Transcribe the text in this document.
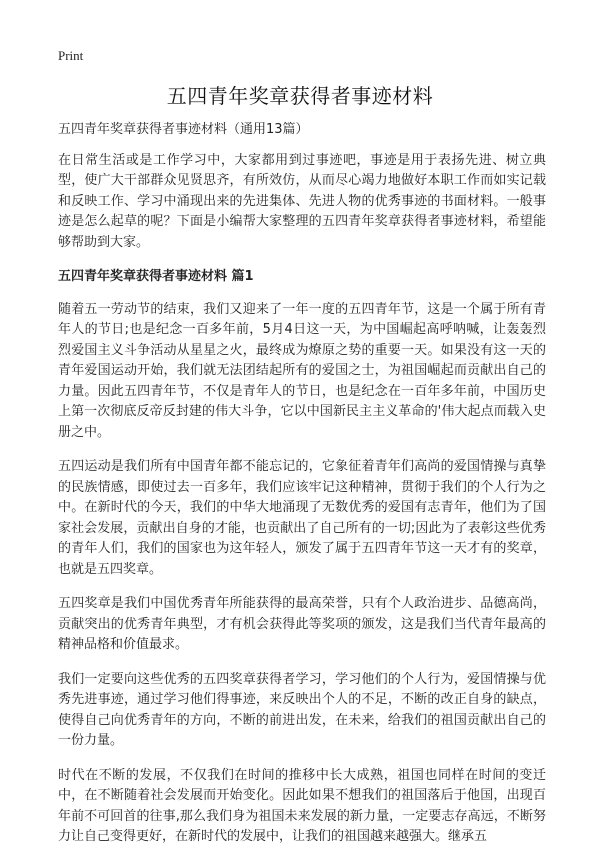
Print
五四青年奖章获得者事迹材料

五四青年奖章获得者事迹材料（通用13篇）

在日常生活或是工作学习中，大家都用到过事迹吧，事迹是用于表扬先进、树立典型，使广大干部群众见贤思齐，有所效仿，从而尽心竭力地做好本职工作而如实记载和反映工作、学习中涌现出来的先进集体、先进人物的优秀事迹的书面材料。一般事迹是怎么起草的呢？下面是小编帮大家整理的五四青年奖章获得者事迹材料，希望能够帮助到大家。

五四青年奖章获得者事迹材料 篇1

随着五一劳动节的结束，我们又迎来了一年一度的五四青年节，这是一个属于所有青年人的节日;也是纪念一百多年前，5月4日这一天，为中国崛起高呼呐喊，让轰轰烈烈爱国主义斗争活动从星星之火，最终成为燎原之势的重要一天。如果没有这一天的青年爱国运动开始，我们就无法团结起所有的爱国之士，为祖国崛起而贡献出自己的力量。因此五四青年节，不仅是青年人的节日，也是纪念在一百年多年前，中国历史上第一次彻底反帝反封建的伟大斗争，它以中国新民主主义革命的'伟大起点而载入史册之中。

五四运动是我们所有中国青年都不能忘记的，它象征着青年们高尚的爱国情操与真挚的民族情感，即使过去一百多年，我们应该牢记这种精神，贯彻于我们的个人行为之中。在新时代的今天，我们的中华大地涌现了无数优秀的爱国有志青年，他们为了国家社会发展，贡献出自身的才能，也贡献出了自己所有的一切;因此为了表彰这些优秀的青年人们，我们的国家也为这年轻人，颁发了属于五四青年节这一天才有的奖章，也就是五四奖章。

五四奖章是我们中国优秀青年所能获得的最高荣誉，只有个人政治进步、品德高尚，贡献突出的优秀青年典型，才有机会获得此等奖项的颁发，这是我们当代青年最高的精神品格和价值最求。

我们一定要向这些优秀的五四奖章获得者学习，学习他们的个人行为，爱国情操与优秀先进事迹，通过学习他们得事迹，来反映出个人的不足，不断的改正自身的缺点，使得自己向优秀青年的方向，不断的前进出发，在未来，给我们的祖国贡献出自己的一份力量。

时代在不断的发展，不仅我们在时间的推移中长大成熟，祖国也同样在时间的变迁中，在不断随着社会发展而开始变化。因此如果不想我们的祖国落后于他国，出现百年前不可回首的往事,那么我们身为祖国未来发展的新力量，一定要志存高远，不断努力让自己变得更好，在新时代的发展中，让我们的祖国越来越强大。继承五
